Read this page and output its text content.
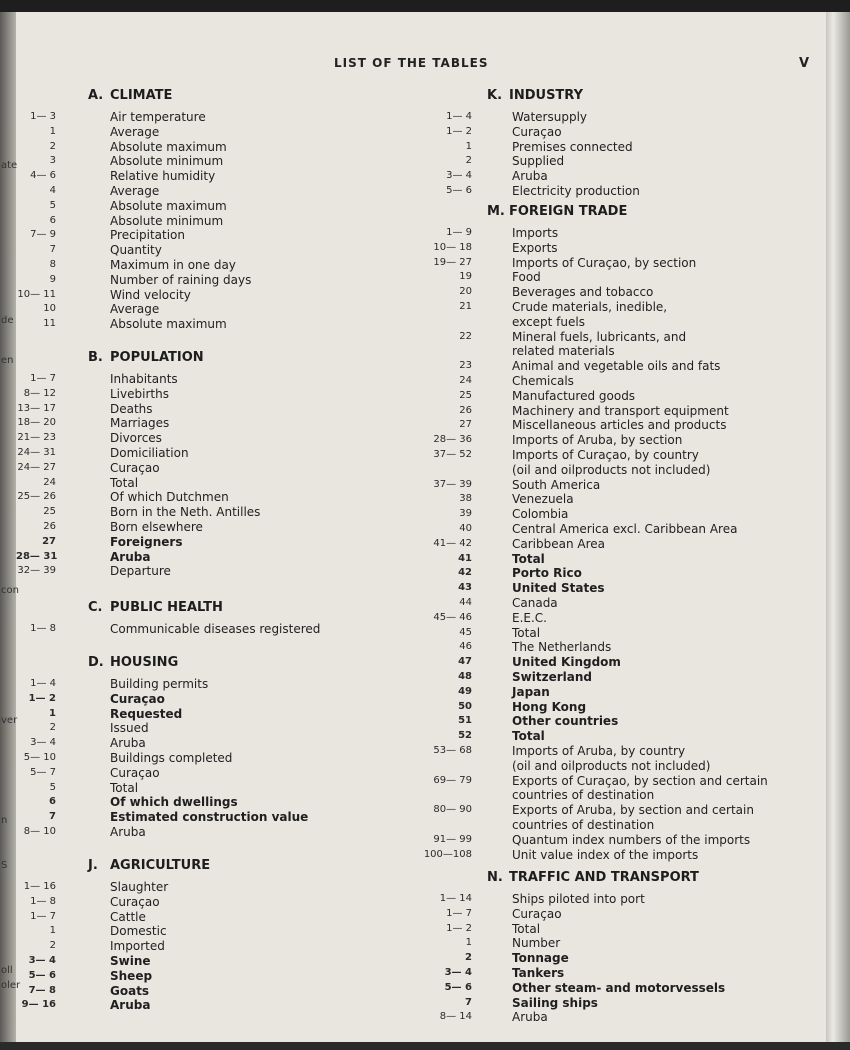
LIST OF THE TABLES	V
A. CLIMATE
1— 3	Air temperature
1	Average
2	Absolute maximum
3	Absolute minimum
4— 6	Relative humidity
4	Average
5	Absolute maximum
6	Absolute minimum
7— 9	Precipitation
7	Quantity
8	Maximum in one day
9	Number of raining days
10— 11	Wind velocity
10	Average
11	Absolute maximum
B. POPULATION
1— 7	Inhabitants
8— 12	Livebirths
13— 17	Deaths
18— 20	Marriages
21— 23	Divorces
24— 31	Domiciliation
24— 27	Curaçao
24	Total
25— 26	Of which Dutchmen
25	Born in the Neth. Antilles
26	Born elsewhere
27	Foreigners
28— 31	Aruba
32— 39	Departure
C. PUBLIC HEALTH
1— 8	Communicable diseases registered
D. HOUSING
1— 4	Building permits
1— 2	Curaçao
1	Requested
2	Issued
3— 4	Aruba
5— 10	Buildings completed
5— 7	Curaçao
5	Total
6	Of which dwellings
7	Estimated construction value
8— 10	Aruba
J. AGRICULTURE
1— 16	Slaughter
1— 8	Curaçao
1— 7	Cattle
1	Domestic
2	Imported
3— 4	Swine
5— 6	Sheep
7— 8	Goats
9— 16	Aruba
K. INDUSTRY
1— 4	Watersupply
1— 2	Curaçao
1	Premises connected
2	Supplied
3— 4	Aruba
5— 6	Electricity production
M. FOREIGN TRADE
1— 9	Imports
10— 18	Exports
19— 27	Imports of Curaçao, by section
19	Food
20	Beverages and tobacco
21	Crude materials, inedible,
except fuels
22	Mineral fuels, lubricants, and
related materials
23	Animal and vegetable oils and fats
24	Chemicals
25	Manufactured goods
26	Machinery and transport equipment
27	Miscellaneous articles and products
28— 36	Imports of Aruba, by section
37— 52	Imports of Curaçao, by country
(oil and oilproducts not included)
37— 39	South America
38	Venezuela
39	Colombia
40	Central America excl. Caribbean Area
41— 42	Caribbean Area
41	Total
42	Porto Rico
43	United States
44	Canada
45— 46	E.E.C.
45	Total
46	The Netherlands
47	United Kingdom
48	Switzerland
49	Japan
50	Hong Kong
51	Other countries
52	Total
53— 68	Imports of Aruba, by country
(oil and oilproducts not included)
69— 79	Exports of Curaçao, by section and certain
countries of destination
80— 90	Exports of Aruba, by section and certain
countries of destination
91— 99	Quantum index numbers of the imports
100—108	Unit value index of the imports
N. TRAFFIC AND TRANSPORT
1— 14	Ships piloted into port
1— 7	Curaçao
1— 2	Total
1	Number
2	Tonnage
3— 4	Tankers
5— 6	Other steam- and motorvessels
7	Sailing ships
8— 14	Aruba
ate
de
en
con
ver
n
S
oll
oler
